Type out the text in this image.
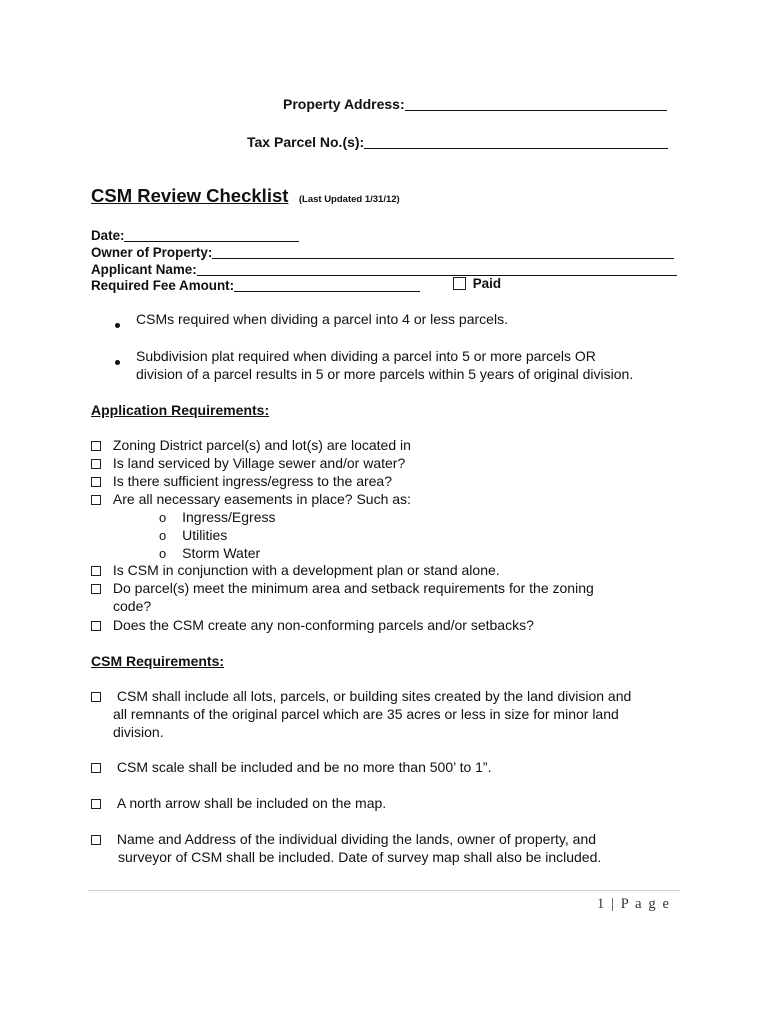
Property Address:
Tax Parcel No.(s):
CSM Review Checklist (Last Updated 1/31/12)
Date:
Owner of Property:
Applicant Name:
Required Fee Amount:	Paid
CSMs required when dividing a parcel into 4 or less parcels.
Subdivision plat required when dividing a parcel into 5 or more parcels OR
division of a parcel results in 5 or more parcels within 5 years of original division.
Application Requirements:
Zoning District parcel(s) and lot(s) are located in
Is land serviced by Village sewer and/or water?
Is there sufficient ingress/egress to the area?
Are all necessary easements in place? Such as:
o Ingress/Egress
o Utilities
o Storm Water
Is CSM in conjunction with a development plan or stand alone.
Do parcel(s) meet the minimum area and setback requirements for the zoning
code?
Does the CSM create any non-conforming parcels and/or setbacks?
CSM Requirements:
CSM shall include all lots, parcels, or building sites created by the land division and
all remnants of the original parcel which are 35 acres or less in size for minor land
division.
CSM scale shall be included and be no more than 500’ to 1”.
A north arrow shall be included on the map.
Name and Address of the individual dividing the lands, owner of property, and
surveyor of CSM shall be included. Date of survey map shall also be included.
1 | P a g e
